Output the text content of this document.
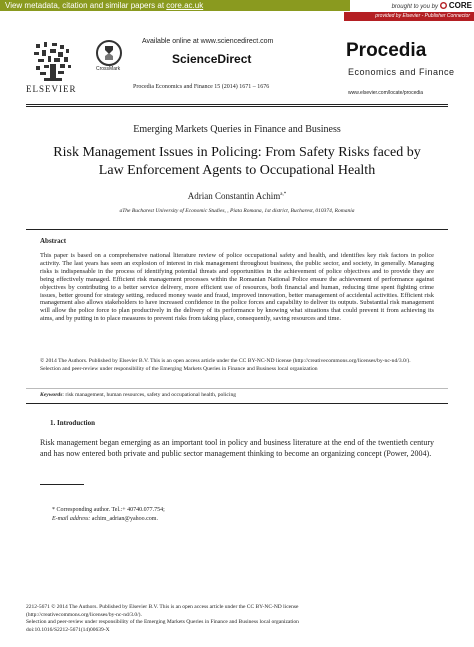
View metadata, citation and similar papers at core.ac.uk	brought to you by CORE
provided by Elsevier - Publisher Connector
ELSEVIER
CrossMark
Available online at www.sciencedirect.com
ScienceDirect
Procedia Economics and Finance 15 (2014) 1671 – 1676
Procedia
Economics and Finance
www.elsevier.com/locate/procedia
Emerging Markets Queries in Finance and Business
Risk Management Issues in Policing: From Safety Risks faced by Law Enforcement Agents to Occupational Health
Adrian Constantin Achim$^{a,*}$
aThe Bucharest University of Economic Studies, , Piata Romana, 1st district, Bucharest, 010374, Romania
Abstract
This paper is based on a comprehensive national literature review of police occupational safety and health, and identifies key risk factors in police activity. The last years has seen an explosion of interest in risk management throughout business, the public sector, and society, in generally. Managing risks is indispensable in the process of identifying potential threats and opportunities in the achievement of police objectives and to provide they are being effectively managed. Efficient risk management processes within the Romanian National Police ensure the achievement of performance against objectives by contributing to a better service delivery, more efficient use of resources, both financial and human, reducing time spent fighting crime issues, better ground for strategy setting, reduced money waste and fraud, improved innovation, better management of accidental activities. Efficient risk management also allows stakeholders to have increased confidence in the police forces and capability to deliver its outputs. Substantial risk management will allow the police force to plan productively in the delivery of its performance by knowing what situations that could prevent it from achieving its aims, and by putting in to place measures to prevent risks from taking place, consequently, saving resources and time.
© 2014 The Authors. Published by Elsevier B.V. This is an open access article under the CC BY-NC-ND license (http://creativecommons.org/licenses/by-nc-nd/3.0/).
Selection and peer-review under responsibility of the Emerging Markets Queries in Finance and Business local organization
Keywords: risk management, human resources, safety and occupational health, policing
1. Introduction
Risk management began emerging as an important tool in policy and business literature at the end of the twentieth century and has now entered both private and public sector management thinking to become an organizing concept (Power, 2004).
* Corresponding author. Tel.:+ 40740.077.754;
E-mail address: achim_adrian@yahoo.com.
2212-5671 © 2014 The Authors. Published by Elsevier B.V. This is an open access article under the CC BY-NC-ND license
(http://creativecommons.org/licenses/by-nc-nd/3.0/).
Selection and peer-review under responsibility of the Emerging Markets Queries in Finance and Business local organization
doi:10.1016/S2212-5671(14)00639-X
